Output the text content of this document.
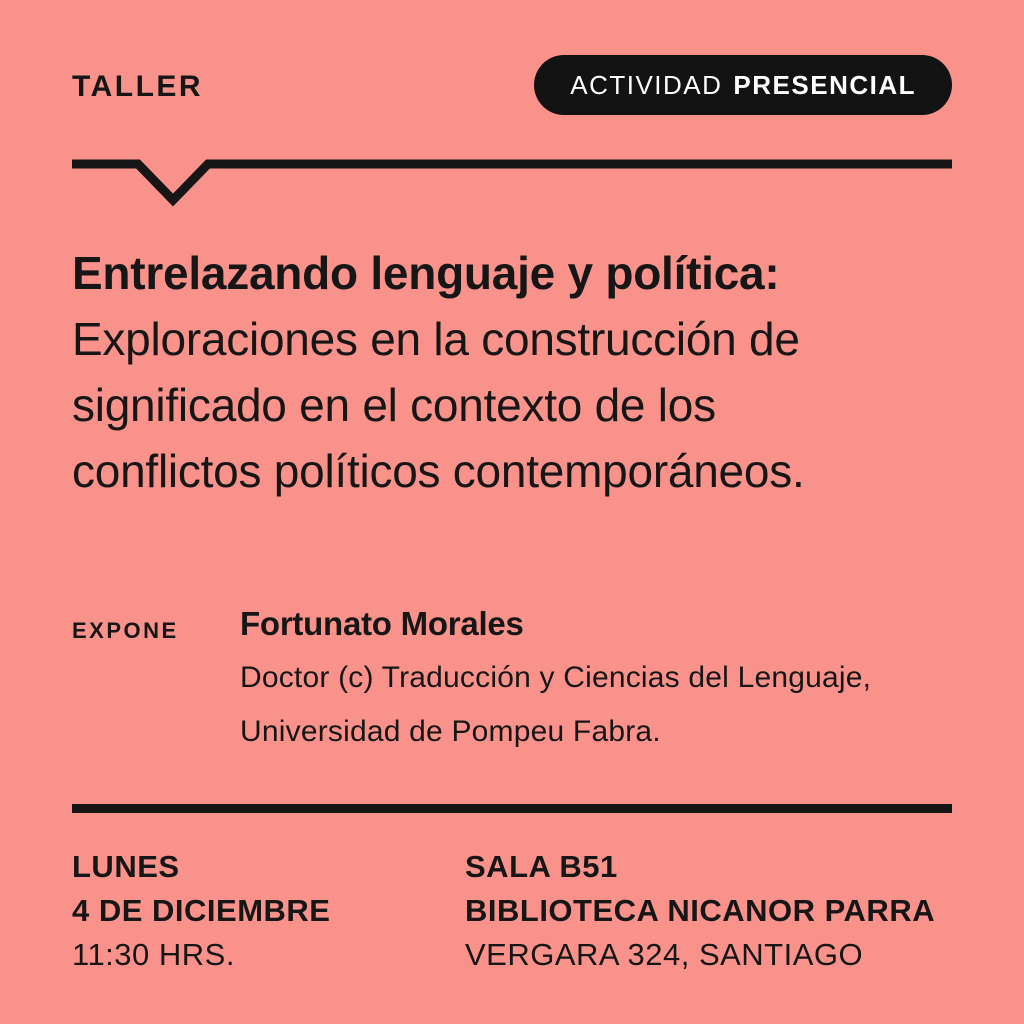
TALLER	ACTIVIDAD PRESENCIAL
Entrelazando lenguaje y política:
Exploraciones en la construcción de
significado en el contexto de los
conflictos políticos contemporáneos.
EXPONE Fortunato Morales
Doctor (c) Traducción y Ciencias del Lenguaje,
Universidad de Pompeu Fabra.
LUNES
4 DE DICIEMBRE
11:30 HRS.
SALA B51
BIBLIOTECA NICANOR PARRA
VERGARA 324, SANTIAGO
